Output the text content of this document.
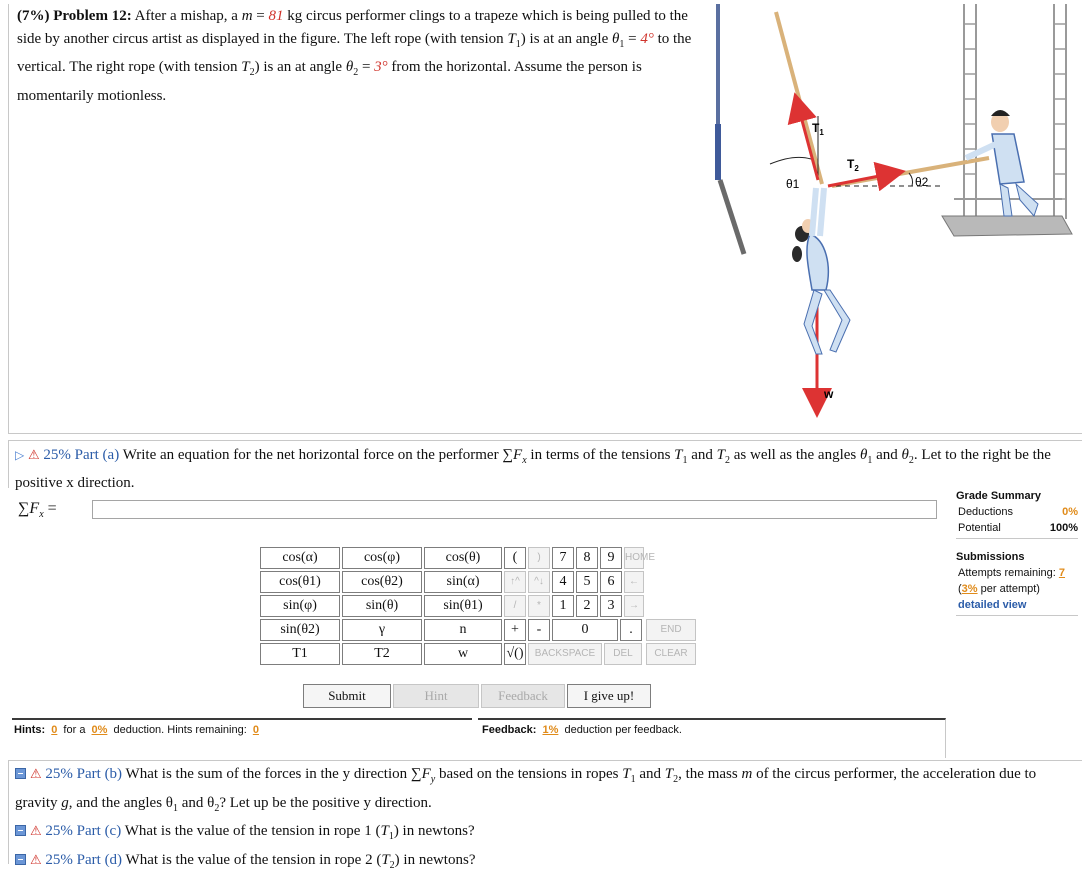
(7%) Problem 12: After a mishap, a m = 81 kg circus performer clings to a trapeze which is being pulled to the side by another circus artist as displayed in the figure. The left rope (with tension $T_1$) is at an angle $\theta_1 = 4^\circ$ to the vertical. The right rope (with tension $T_2$) is an at angle $\theta_2 = 3^\circ$ from the horizontal. Assume the person is momentarily motionless.
$T_1$
$T_2$
θ1	θ2
w
▷ ⚠ 25% Part (a) Write an equation for the net horizontal force on the performer $\sum F_x$ in terms of the tensions $T_1$ and $T_2$ as well as the angles $\theta_1$ and $\theta_2$. Let to the right be the positive x direction.
$\sum F_x$ =
cos(α)	cos(φ)	cos(θ)	(	)	7	8	9	HOME
cos(θ1)	cos(θ2)	sin(α)	↑^	^↓	4	5	6	←
sin(φ)	sin(θ)	sin(θ1)	/	*	1	2	3	→
sin(θ2)	γ	n	+	-	0	.	END
T1	T2	w	√()	BACKSPACE	DEL	CLEAR
Submit	Hint	Feedback	I give up!
Hints: 0 for a 0% deduction. Hints remaining: 0	Feedback: 1% deduction per feedback.
Grade Summary
Deductions	0%
Potential	100%
Submissions
Attempts remaining: 7
(3% per attempt)
detailed view
⚠ 25% Part (b) What is the sum of the forces in the y direction $\sum F_y$ based on the tensions in ropes $T_1$ and $T_2$, the mass m of the circus performer, the acceleration due to gravity g, and the angles $\theta_1$ and $\theta_2$? Let up be the positive y direction.
⚠ 25% Part (c) What is the value of the tension in rope 1 $(T_1)$ in newtons?
⚠ 25% Part (d) What is the value of the tension in rope 2 $(T_2)$ in newtons?
